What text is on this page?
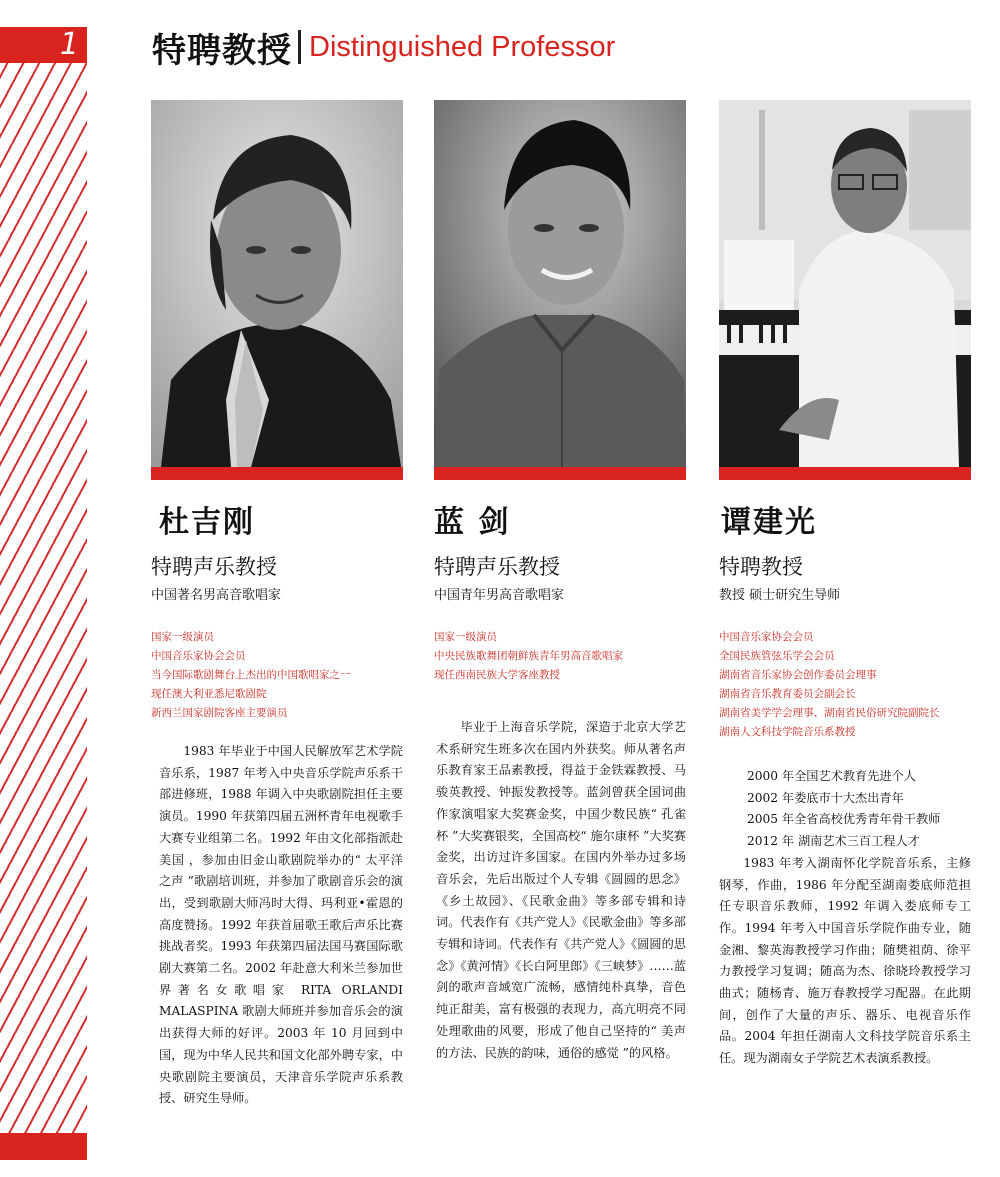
1 特聘教授 Distinguished Professor
杜吉刚
特聘声乐教授
中国著名男高音歌唱家
国家一级演员
中国音乐家协会会员
当今国际歌剧舞台上杰出的中国歌唱家之一
现任澳大利亚悉尼歌剧院
新西兰国家剧院客座主要演员

1983 年毕业于中国人民解放军艺术学院音乐系，1987 年考入中央音乐学院声乐系干部进修班，1988 年调入中央歌剧院担任主要演员。1990 年获第四届五洲杯青年电视歌手大赛专业组第二名。1992 年由文化部指派赴美国 ，参加由旧金山歌剧院举办的“ 太平洋之声 ”歌剧培训班，并参加了歌剧音乐会的演出，受到歌剧大师冯时大得、玛利亚•霍恩的高度赞扬。1992 年获首届歌王歌后声乐比赛挑战者奖。1993 年获第四届法国马赛国际歌剧大赛第二名。2002 年赴意大利米兰参加世界著名女歌唱家 RITA ORLANDI MALASPINA 歌剧大师班并参加音乐会的演出获得大师的好评。2003 年 10 月回到中国，现为中华人民共和国文化部外聘专家，中央歌剧院主要演员，天津音乐学院声乐系教授、研究生导师。

蓝 剑
特聘声乐教授
中国青年男高音歌唱家
国家一级演员
中央民族歌舞团朝鲜族青年男高音歌唱家
现任西南民族大学客座教授

毕业于上海音乐学院，深造于北京大学艺术系研究生班多次在国内外获奖。师从著名声乐教育家王品素教授，得益于金铁霖教授、马骏英教授、钟振发教授等。蓝剑曾获全国词曲作家演唱家大奖赛金奖，中国少数民族“ 孔雀杯 ”大奖赛银奖，全国高校“ 施尔康杯 ”大奖赛金奖，出访过许多国家。在国内外举办过多场音乐会，先后出版过个人专辑《圆圆的思念》《乡土故园》、《民歌金曲》等多部专辑和诗词。代表作有《共产党人》《民歌金曲》等多部专辑和诗词。代表作有《共产党人》《圆圆的思念》《黄河情》《长白阿里郎》《三峡梦》……蓝剑的歌声音域宽广流畅，感情纯朴真挚，音色纯正甜美，富有极强的表现力，高亢明亮不同处理歌曲的风要，形成了他自己坚持的“ 美声的方法、民族的韵味，通俗的感觉 ”的风格。

谭建光
特聘教授
教授 硕士研究生导师
中国音乐家协会会员
全国民族管弦乐学会会员
湖南省音乐家协会创作委员会理事
湖南省音乐教育委员会副会长
湖南省美学学会理事、湖南省民俗研究院副院长
湖南人文科技学院音乐系教授
2000 年全国艺术教育先进个人
2002 年娄底市十大杰出青年
2005 年全省高校优秀青年骨干教师
2012 年 湖南艺术三百工程人才

1983 年考入湖南怀化学院音乐系，主修钢琴，作曲，1986 年分配至湖南娄底师范担任专职音乐教师，1992 年调入娄底师专工作。1994 年考入中国音乐学院作曲专业，随金湘、黎英海教授学习作曲；随樊祖荫、徐平力教授学习复调；随高为杰、徐晓玲教授学习曲式；随杨青、施万春教授学习配器。在此期间，创作了大量的声乐、器乐、电视音乐作品。2004 年担任湖南人文科技学院音乐系主任。现为湖南女子学院艺术表演系教授。
